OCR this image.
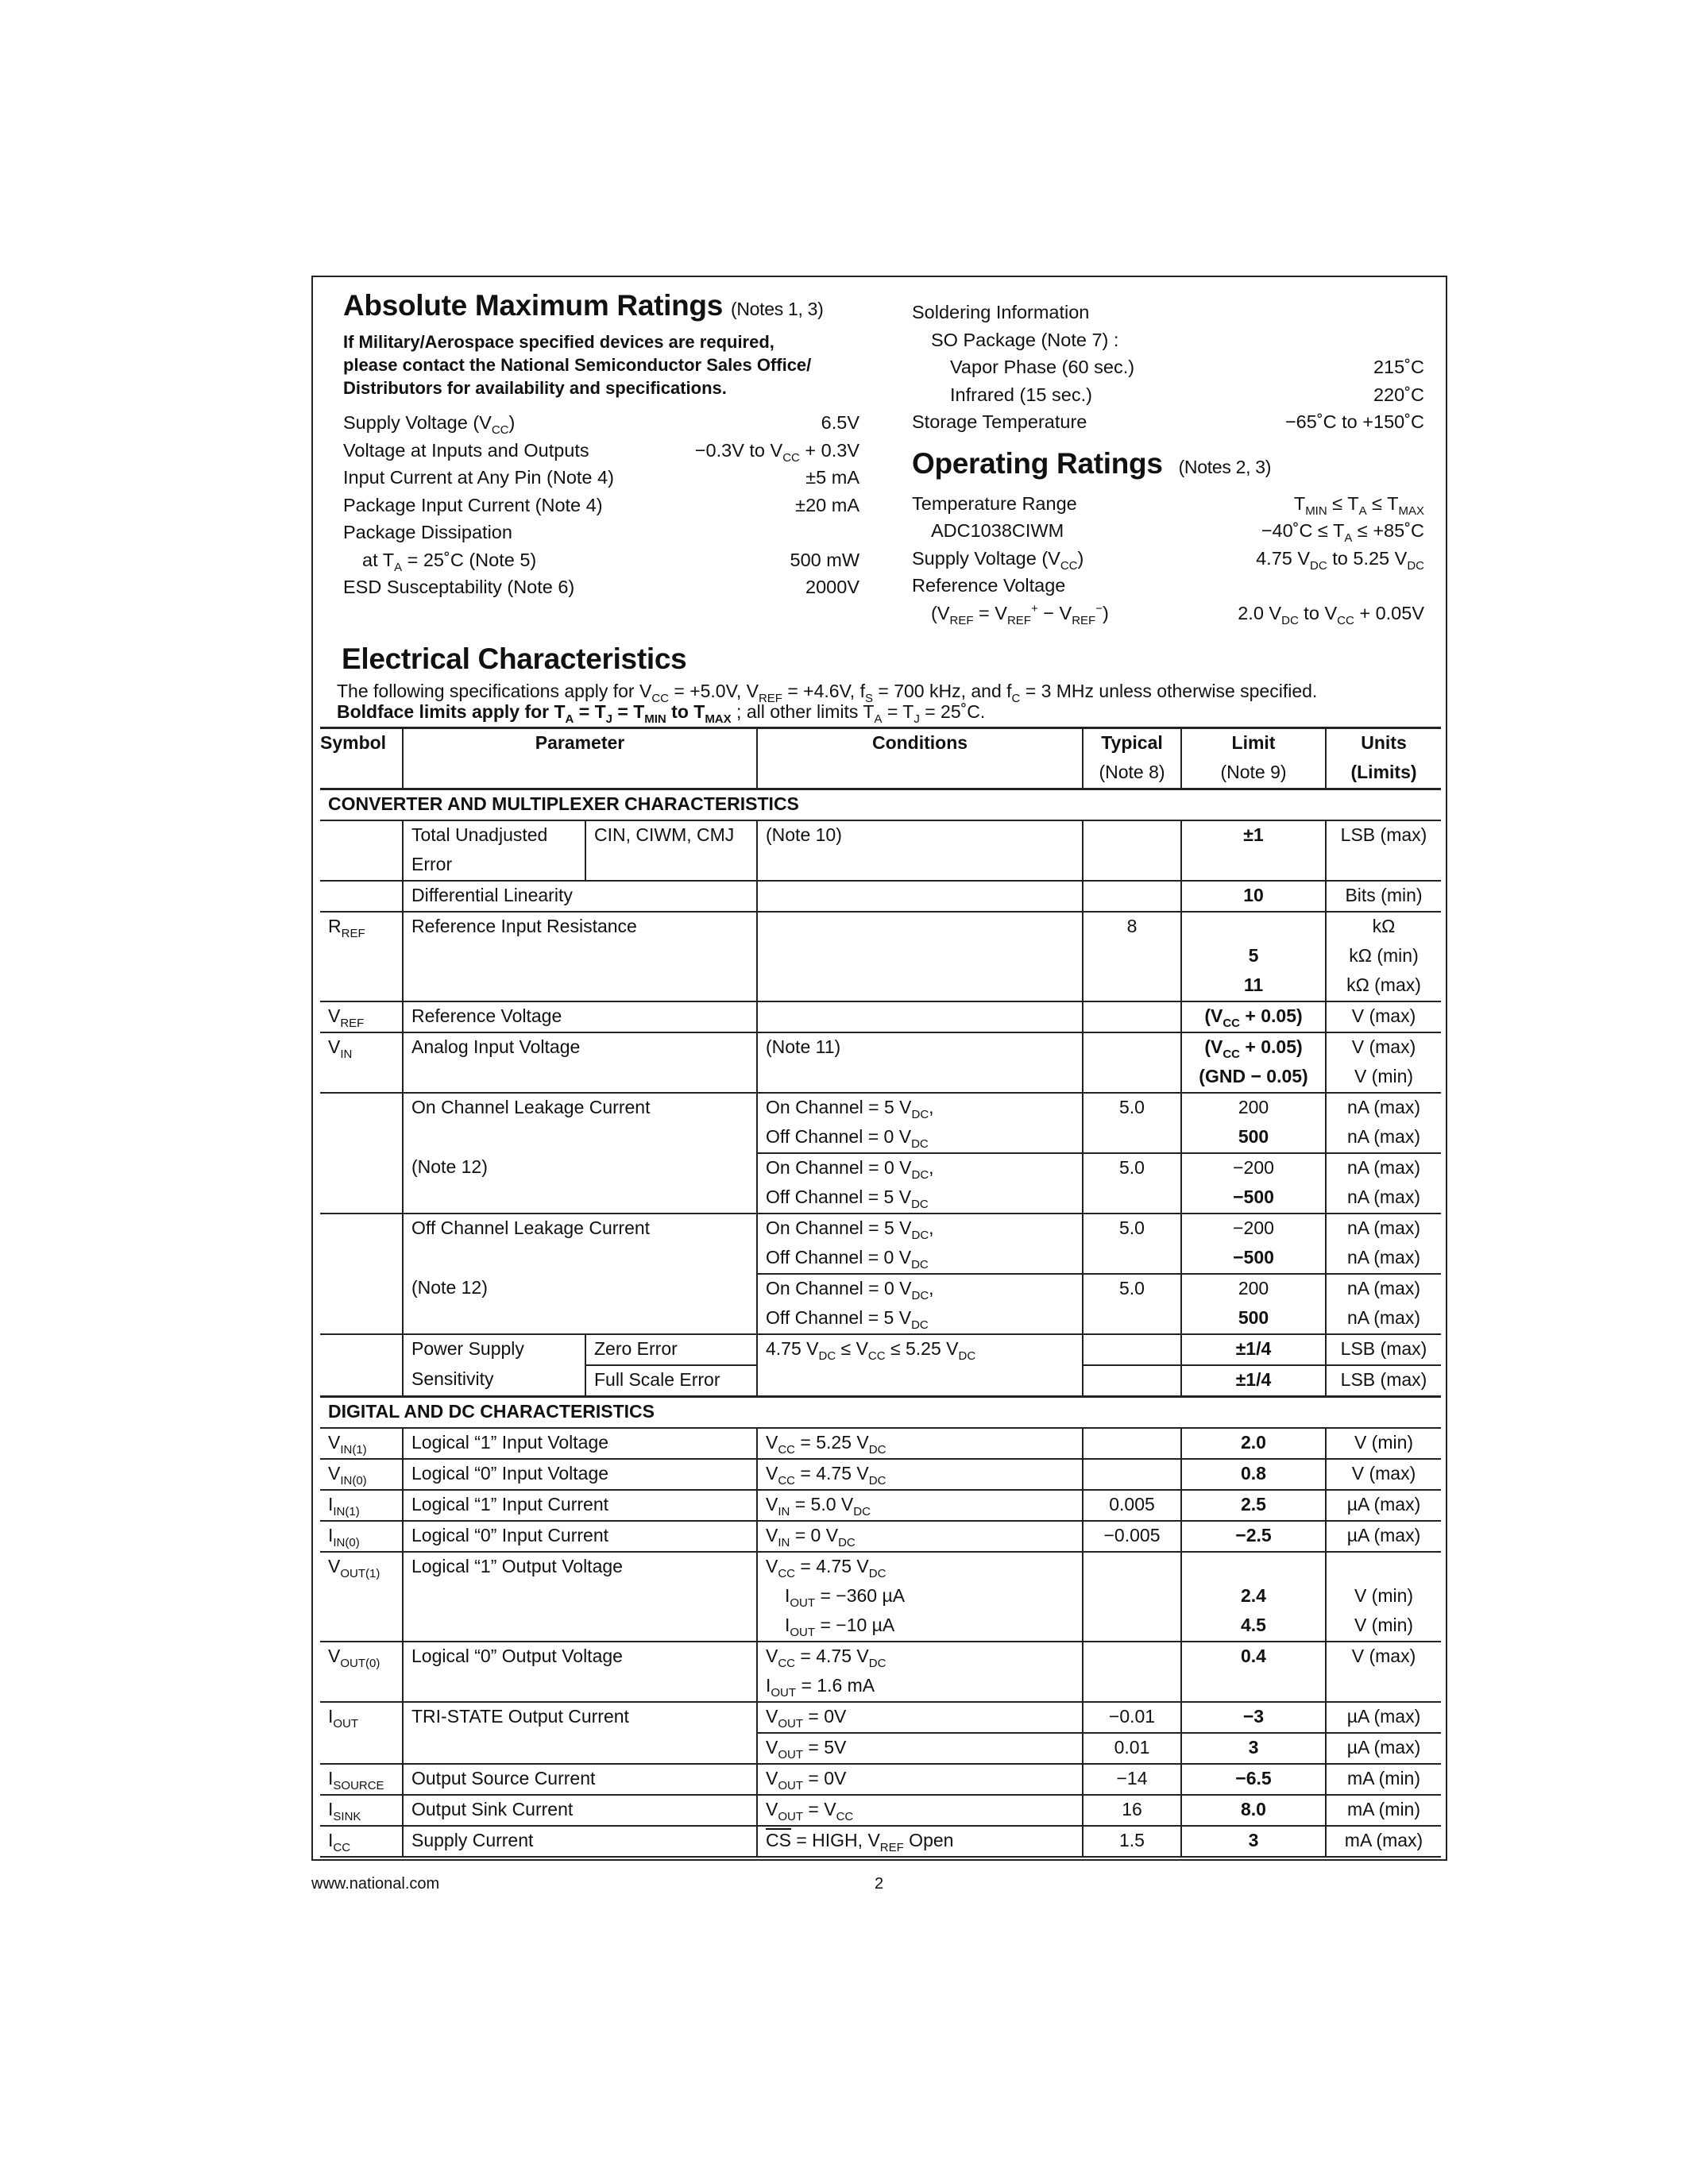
Absolute Maximum Ratings (Notes 1, 3)
If Military/Aerospace specified devices are required,
please contact the National Semiconductor Sales Office/
Distributors for availability and specifications.
Supply Voltage $(V_{CC})$	6.5V
Voltage at Inputs and Outputs	−0.3V to $V_{CC} + 0.3V$
Input Current at Any Pin (Note 4)	±5 mA
Package Input Current (Note 4)	±20 mA
Package Dissipation
at $T_A$ = 25˚C (Note 5)	500 mW
ESD Susceptability (Note 6)	2000V
Soldering Information
SO Package (Note 7) :
Vapor Phase (60 sec.)	215˚C
Infrared (15 sec.)	220˚C
Storage Temperature	−65˚C to +150˚C
Operating Ratings (Notes 2, 3)
Temperature Range	$T_{MIN} \le T_A \le T_{MAX}$
ADC1038CIWM	−40˚C ≤ $T_A$ ≤ +85˚C
Supply Voltage $(V_{CC})$	4.75 $V_{DC}$ to 5.25 $V_{DC}$
Reference Voltage
$(V_{REF} = V_{REF}^+ - V_{REF}^-)$	2.0 $V_{DC}$ to $V_{CC} + 0.05V$
Electrical Characteristics
The following specifications apply for $V_{CC} = +5.0V$, $V_{REF} = +4.6V$, $f_S = 700$ kHz, and $f_C = 3$ MHz unless otherwise specified.
Boldface limits apply for $T_A = T_J = T_{MIN}$ to $T_{MAX}$ ; all other limits $T_A = T_J$ = 25˚C.
Symbol	Parameter		Conditions	Typical	Limit	Units
				(Note 8)	(Note 9)	(Limits)
CONVERTER AND MULTIPLEXER CHARACTERISTICS						
	Total Unadjusted	CIN, CIWM, CMJ	(Note 10)		±1	LSB (max)
	Error					
	Differential Linearity				10	Bits (min)
$R_{REF}$	Reference Input Resistance			8		kΩ
					5	kΩ (min)
					11	kΩ (max)
$V_{REF}$	Reference Voltage				$(V_{CC} + 0.05)$	V (max)
$V_{IN}$	Analog Input Voltage		(Note 11)		$(V_{CC} + 0.05)$	V (max)
					(GND − 0.05)	V (min)
	On Channel Leakage Current		On Channel = 5 $V_{DC}$,	5.0	200	nA (max)
			Off Channel = 0 $V_{DC}$		500	nA (max)
	(Note 12)		On Channel = 0 $V_{DC}$,	5.0	−200	nA (max)
			Off Channel = 5 $V_{DC}$		−500	nA (max)
	Off Channel Leakage Current		On Channel = 5 $V_{DC}$,	5.0	−200	nA (max)
			Off Channel = 0 $V_{DC}$		−500	nA (max)
	(Note 12)		On Channel = 0 $V_{DC}$,	5.0	200	nA (max)
			Off Channel = 5 $V_{DC}$		500	nA (max)
	Power Supply	Zero Error	4.75 $V_{DC} \le V_{CC} \le 5.25$ $V_{DC}$		±1/4	LSB (max)
	Sensitivity	Full Scale Error			±1/4	LSB (max)
DIGITAL AND DC CHARACTERISTICS						
$V_{IN(1)}$	Logical “1” Input Voltage		$V_{CC} = 5.25$ $V_{DC}$		2.0	V (min)
$V_{IN(0)}$	Logical “0” Input Voltage		$V_{CC} = 4.75$ $V_{DC}$		0.8	V (max)
$I_{IN(1)}$	Logical “1” Input Current		$V_{IN} = 5.0$ $V_{DC}$	0.005	2.5	µA (max)
$I_{IN(0)}$	Logical “0” Input Current		$V_{IN} = 0$ $V_{DC}$	−0.005	−2.5	µA (max)
$V_{OUT(1)}$	Logical “1” Output Voltage		$V_{CC} = 4.75$ $V_{DC}$			
			$I_{OUT} = -360$ µA		2.4	V (min)
			$I_{OUT} = -10$ µA		4.5	V (min)
$V_{OUT(0)}$	Logical “0” Output Voltage		$V_{CC} = 4.75$ $V_{DC}$		0.4	V (max)
			$I_{OUT} = 1.6$ mA			
$I_{OUT}$	TRI-STATE Output Current		$V_{OUT} = 0V$	−0.01	−3	µA (max)
			$V_{OUT} = 5V$	0.01	3	µA (max)
$I_{SOURCE}$	Output Source Current		$V_{OUT} = 0V$	−14	−6.5	mA (min)
$I_{SINK}$	Output Sink Current		$V_{OUT} = V_{CC}$	16	8.0	mA (min)
$I_{CC}$	Supply Current		$\overline{CS}$ = HIGH, $V_{REF}$ Open	1.5	3	mA (max)
www.national.com	2
